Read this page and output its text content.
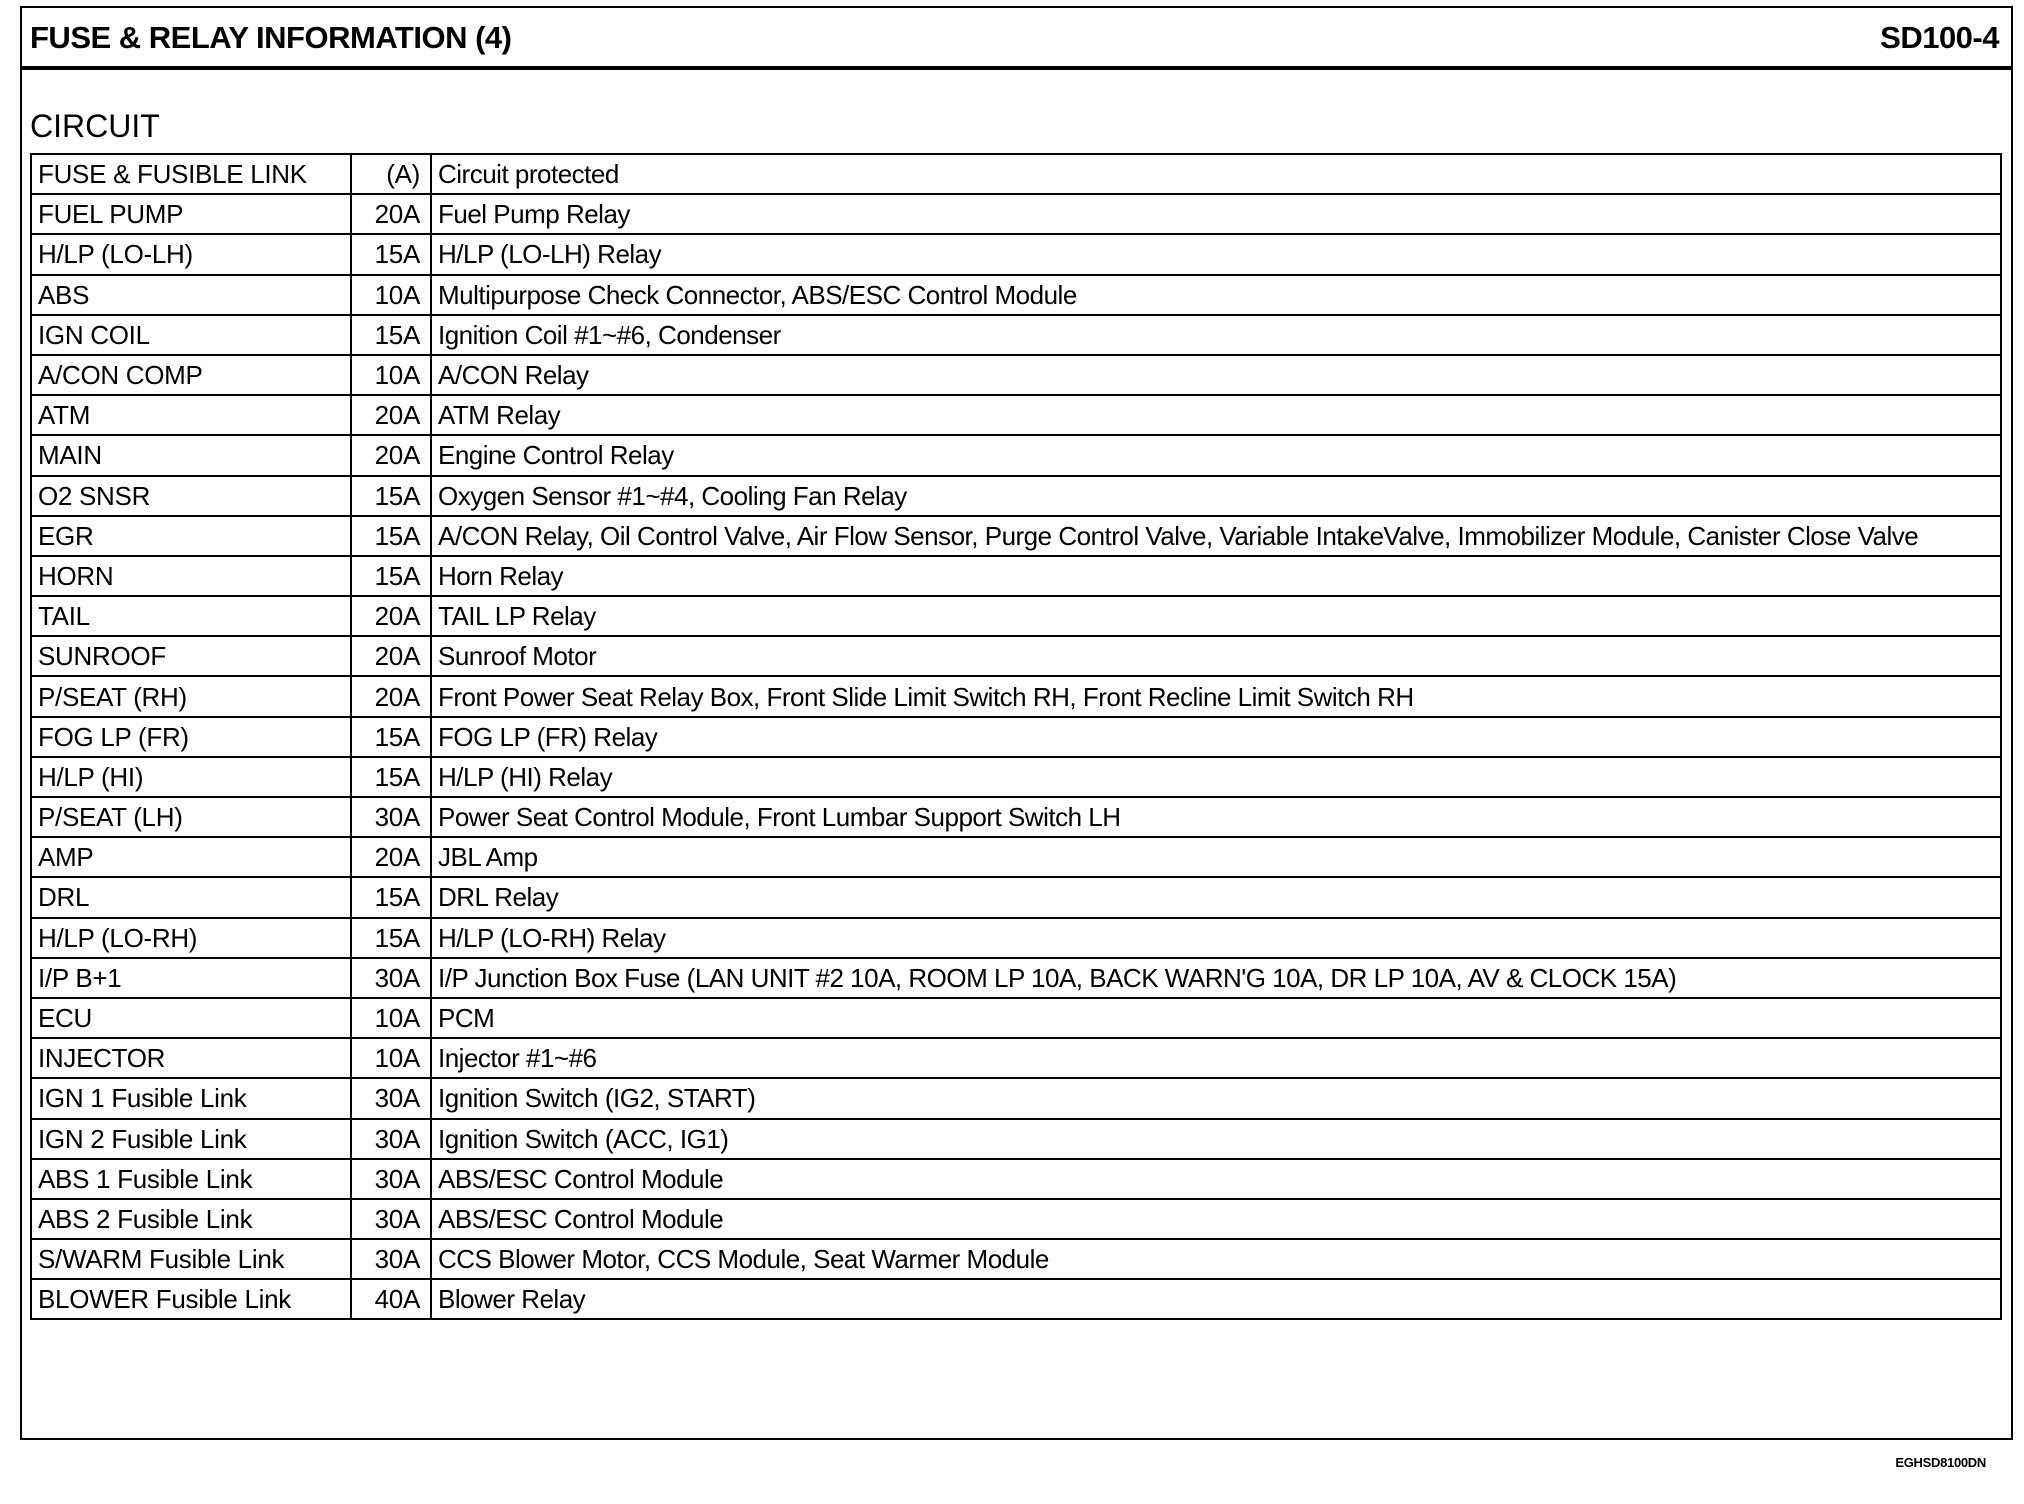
FUSE & RELAY INFORMATION (4)	SD100-4
CIRCUIT
FUSE & FUSIBLE LINK	(A)	Circuit protected
FUEL PUMP	20A	Fuel Pump Relay
H/LP (LO-LH)	15A	H/LP (LO-LH) Relay
ABS	10A	Multipurpose Check Connector, ABS/ESC Control Module
IGN COIL	15A	Ignition Coil #1~#6, Condenser
A/CON COMP	10A	A/CON Relay
ATM	20A	ATM Relay
MAIN	20A	Engine Control Relay
O2 SNSR	15A	Oxygen Sensor #1~#4, Cooling Fan Relay
EGR	15A	A/CON Relay, Oil Control Valve, Air Flow Sensor, Purge Control Valve, Variable IntakeValve, Immobilizer Module, Canister Close Valve
HORN	15A	Horn Relay
TAIL	20A	TAIL LP Relay
SUNROOF	20A	Sunroof Motor
P/SEAT (RH)	20A	Front Power Seat Relay Box, Front Slide Limit Switch RH, Front Recline Limit Switch RH
FOG LP (FR)	15A	FOG LP (FR) Relay
H/LP (HI)	15A	H/LP (HI) Relay
P/SEAT (LH)	30A	Power Seat Control Module, Front Lumbar Support Switch LH
AMP	20A	JBL Amp
DRL	15A	DRL Relay
H/LP (LO-RH)	15A	H/LP (LO-RH) Relay
I/P B+1	30A	I/P Junction Box Fuse (LAN UNIT #2 10A, ROOM LP 10A, BACK WARN'G 10A, DR LP 10A, AV & CLOCK 15A)
ECU	10A	PCM
INJECTOR	10A	Injector #1~#6
IGN 1 Fusible Link	30A	Ignition Switch (IG2, START)
IGN 2 Fusible Link	30A	Ignition Switch (ACC, IG1)
ABS 1 Fusible Link	30A	ABS/ESC Control Module
ABS 2 Fusible Link	30A	ABS/ESC Control Module
S/WARM Fusible Link	30A	CCS Blower Motor, CCS Module, Seat Warmer Module
BLOWER Fusible Link	40A	Blower Relay
EGHSD8100DN
